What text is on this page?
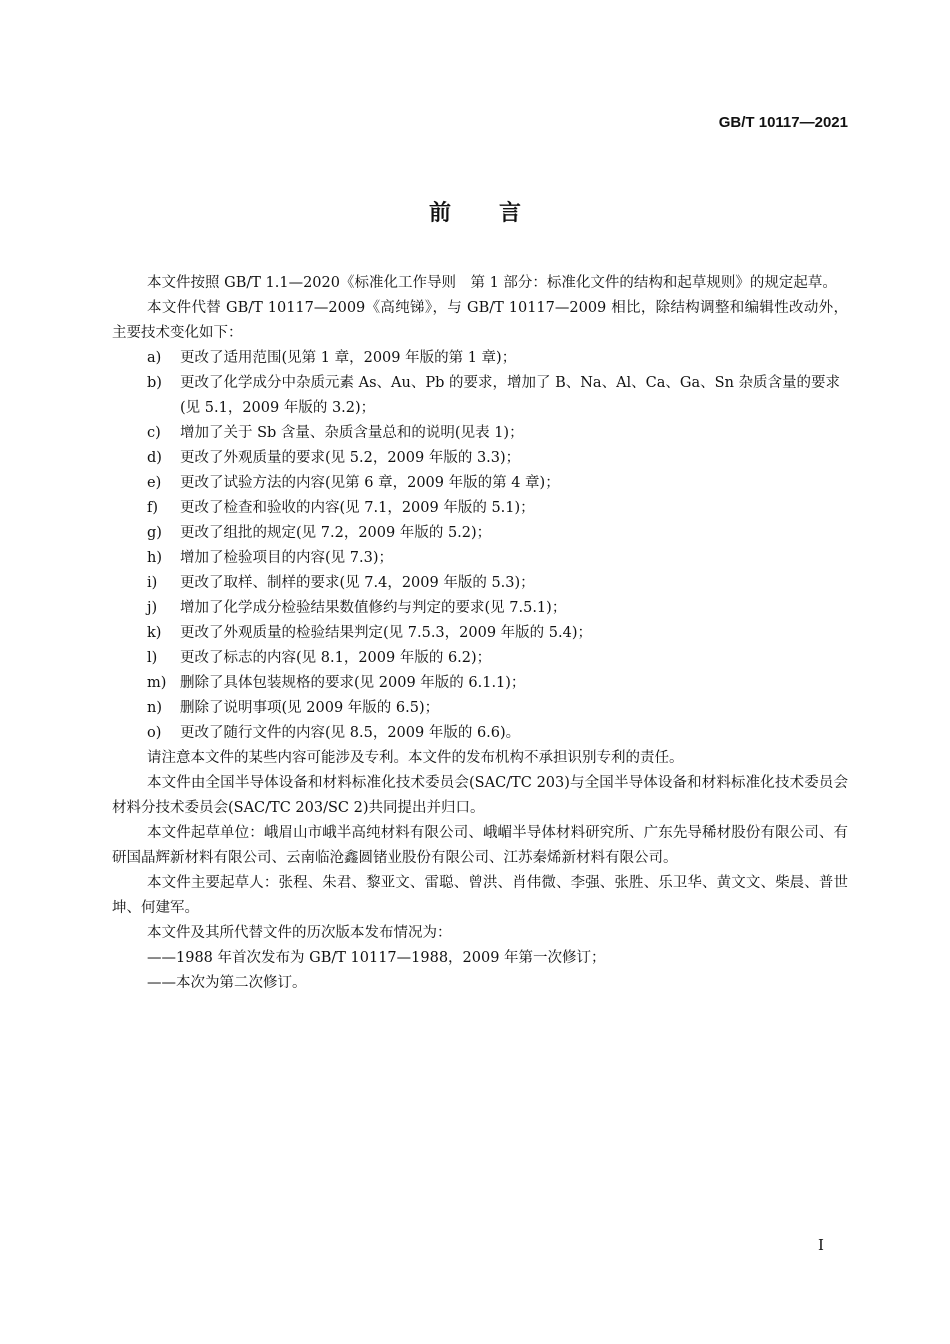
GB/T 10117—2021
前 言

本文件按照 GB/T 1.1—2020《标准化工作导则　第 1 部分：标准化文件的结构和起草规则》的规定起草。

本文件代替 GB/T 10117—2009《高纯锑》，与 GB/T 10117—2009 相比，除结构调整和编辑性改动外，主要技术变化如下：

a) 更改了适用范围(见第 1 章，2009 年版的第 1 章)；

b) 更改了化学成分中杂质元素 As、Au、Pb 的要求，增加了 B、Na、Al、Ca、Ga、Sn 杂质含量的要求(见 5.1，2009 年版的 3.2)；

c) 增加了关于 Sb 含量、杂质含量总和的说明(见表 1)；

d) 更改了外观质量的要求(见 5.2，2009 年版的 3.3)；

e) 更改了试验方法的内容(见第 6 章，2009 年版的第 4 章)；

f) 更改了检查和验收的内容(见 7.1，2009 年版的 5.1)；

g) 更改了组批的规定(见 7.2，2009 年版的 5.2)；

h) 增加了检验项目的内容(见 7.3)；

i) 更改了取样、制样的要求(见 7.4，2009 年版的 5.3)；

j) 增加了化学成分检验结果数值修约与判定的要求(见 7.5.1)；

k) 更改了外观质量的检验结果判定(见 7.5.3，2009 年版的 5.4)；

l) 更改了标志的内容(见 8.1，2009 年版的 6.2)；

m) 删除了具体包装规格的要求(见 2009 年版的 6.1.1)；

n) 删除了说明事项(见 2009 年版的 6.5)；

o) 更改了随行文件的内容(见 8.5，2009 年版的 6.6)。

请注意本文件的某些内容可能涉及专利。本文件的发布机构不承担识别专利的责任。

本文件由全国半导体设备和材料标准化技术委员会(SAC/TC 203)与全国半导体设备和材料标准化技术委员会材料分技术委员会(SAC/TC 203/SC 2)共同提出并归口。

本文件起草单位：峨眉山市峨半高纯材料有限公司、峨嵋半导体材料研究所、广东先导稀材股份有限公司、有研国晶辉新材料有限公司、云南临沧鑫圆锗业股份有限公司、江苏秦烯新材料有限公司。

本文件主要起草人：张程、朱君、黎亚文、雷聪、曾洪、肖伟微、李强、张胜、乐卫华、黄文文、柴晨、普世坤、何建军。

本文件及其所代替文件的历次版本发布情况为：

——1988 年首次发布为 GB/T 10117—1988，2009 年第一次修订；

——本次为第二次修订。

I
